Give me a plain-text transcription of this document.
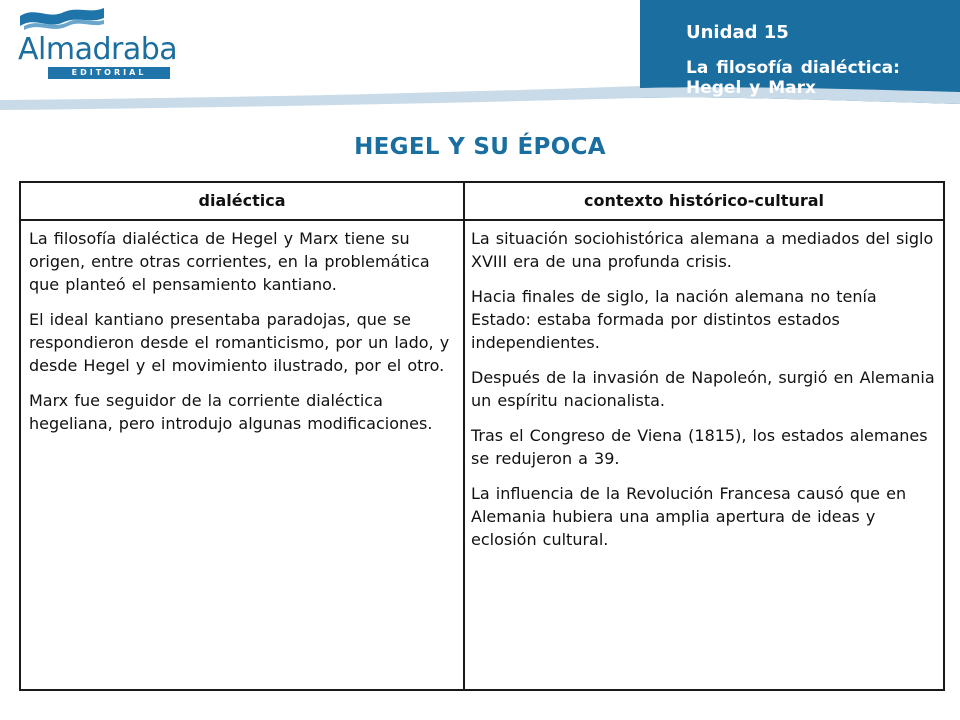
Almadraba
EDITORIAL
Unidad 15
La filosofía dialéctica: Hegel y Marx
HEGEL Y SU ÉPOCA
dialéctica	contexto histórico-cultural

La filosofía dialéctica de Hegel y Marx tiene su origen, entre otras corrientes, en la problemática que planteó el pensamiento kantiano.

El ideal kantiano presentaba paradojas, que se respondieron desde el romanticismo, por un lado, y desde Hegel y el movimiento ilustrado, por el otro.

Marx fue seguidor de la corriente dialéctica hegeliana, pero introdujo algunas modificaciones.

La situación sociohistórica alemana a mediados del siglo XVIII era de una profunda crisis.

Hacia finales de siglo, la nación alemana no tenía Estado: estaba formada por distintos estados independientes.

Después de la invasión de Napoleón, surgió en Alemania un espíritu nacionalista.

Tras el Congreso de Viena (1815), los estados alemanes se redujeron a 39.

La influencia de la Revolución Francesa causó que en Alemania hubiera una amplia apertura de ideas y eclosión cultural.
